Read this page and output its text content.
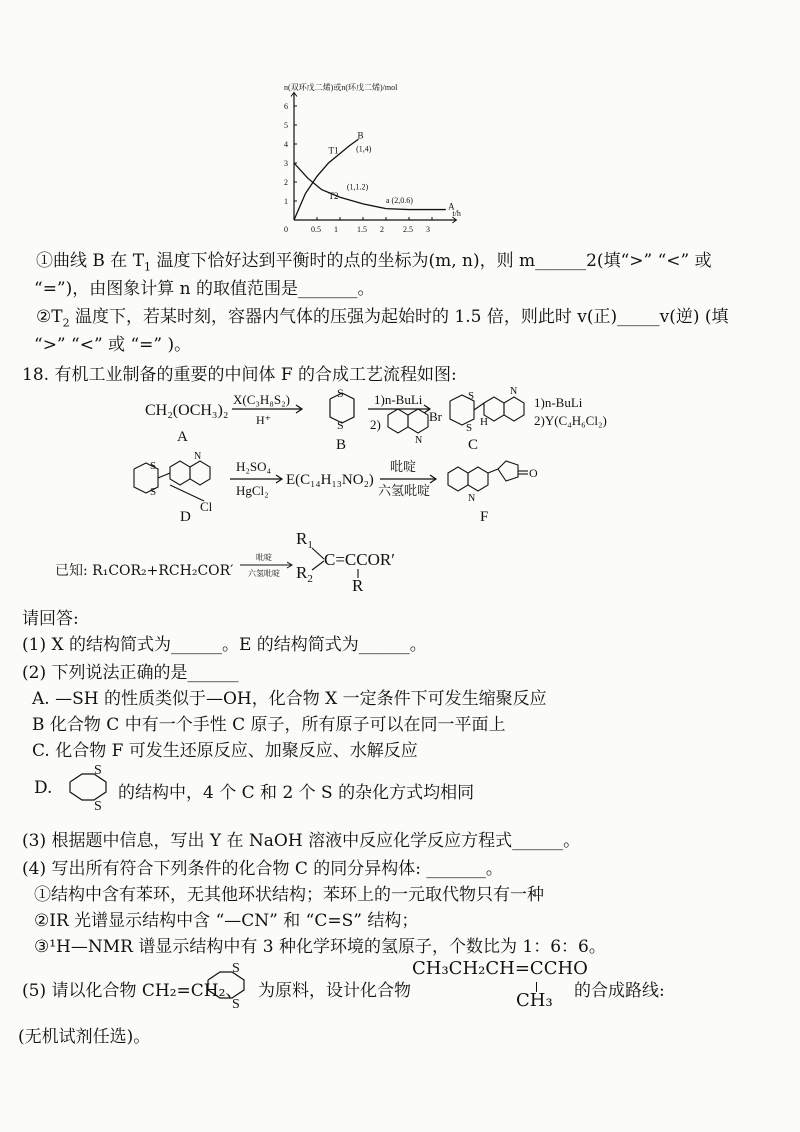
n(双环戊二烯)或n(环戊二烯)/mol
t/h
0	0.5 1 1.5 2 2.5 3
1
2
3
4
5
6
T1
B
T2
A
(1,4)
(1,1.2)
a (2,0.6)
①曲线 B 在 $T_1$ 温度下恰好达到平衡时的点的坐标为(m, n)，则 m______2(填“>” “<” 或
“=”)，由图象计算 n 的取值范围是_______。
$②T_2$ 温度下，若某时刻，容器内气体的压强为起始时的 1.5 倍，则此时 v(正)_____v(逆) (填
“>” “<” 或 “=” )。
18. 有机工业制备的重要的中间体 F 的合成工艺流程如图:
CH₂(OCH₃)₂
A
X(C₃H₈S₂)
H⁺
S
S
B
1)n-BuLi
2)
N
Br
S
S
N
H
C
1)n-BuLi
2)Y(C₄H₆Cl₂)
S
S
N
Cl
D
H₂SO₄
HgCl₂
E(C₁₄H₁₃NO₂)
吡啶
六氢吡啶
N
O
F
已知: R₁COR₂+RCH₂COR′
吡啶
六氢吡啶
$R_1$
$R_2$
C=CCOR′
R
请回答:
(1) X 的结构简式为______。E 的结构简式为______。
(2) 下列说法正确的是______
A. —SH 的性质类似于—OH，化合物 X 一定条件下可发生缩聚反应
B 化合物 C 中有一个手性 C 原子，所有原子可以在同一平面上
C. 化合物 F 可发生还原反应、加聚反应、水解反应
D.
S
S
的结构中，4 个 C 和 2 个 S 的杂化方式均相同
(3) 根据题中信息，写出 Y 在 NaOH 溶液中反应化学反应方程式______。
(4) 写出所有符合下列条件的化合物 C 的同分异构体: _______。
①结构中含有苯环，无其他环状结构；苯环上的一元取代物只有一种
②IR 光谱显示结构中含 “—CN” 和 “C=S” 结构；
③¹H—NMR 谱显示结构中有 3 种化学环境的氢原子，个数比为 1：6：6。
(5) 请以化合物 CH₂=CH₂、
S
S
为原料，设计化合物
CH₃CH₂CH=CCHO
CH₃ 的合成路线:
(无机试剂任选)。
